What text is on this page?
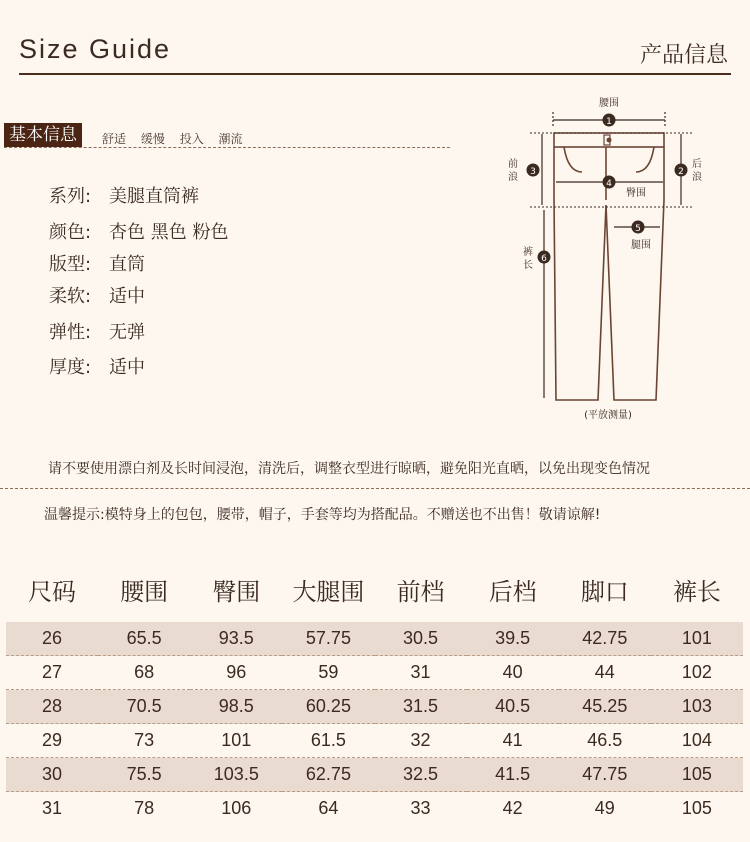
Size Guide	产品信息
基本信息	舒适 缓慢 投入 潮流
系列: 美腿直筒裤
颜色: 杏色 黑色 粉色
版型: 直筒
柔软: 适中
弹性: 无弹
厚度: 适中
1
2
3
4
5
6
腰围
前
浪
后
浪
臀围
腿围
裤
长
(平放测量)
请不要使用漂白剂及长时间浸泡，清洗后，调整衣型进行晾晒，避免阳光直晒，以免出现变色情况
温馨提示:模特身上的包包，腰带，帽子，手套等均为搭配品。不赠送也不出售！敬请谅解!
尺码	腰围	臀围	大腿围	前档	后档	脚口	裤长
26	65.5	93.5	57.75	30.5	39.5	42.75	101
27	68	96	59	31	40	44	102
28	70.5	98.5	60.25	31.5	40.5	45.25	103
29	73	101	61.5	32	41	46.5	104
30	75.5	103.5	62.75	32.5	41.5	47.75	105
31	78	106	64	33	42	49	105
